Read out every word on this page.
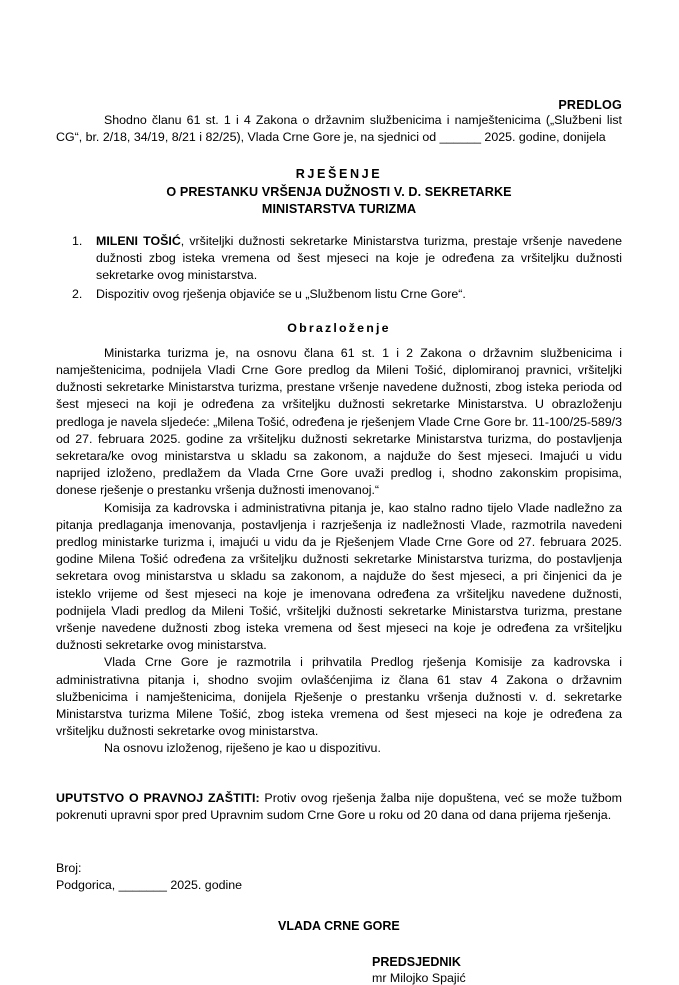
PREDLOG

Shodno članu 61 st. 1 i 4 Zakona o državnim službenicima i namještenicima („Službeni list CG“, br. 2/18, 34/19, 8/21 i 82/25), Vlada Crne Gore je, na sjednici od ______ 2025. godine, donijela

RJEŠENJE
O PRESTANKU VRŠENJA DUŽNOSTI V. D. SEKRETARKE
MINISTARSTVA TURIZMA
MILENI TOŠIĆ, vršiteljki dužnosti sekretarke Ministarstva turizma, prestaje vršenje navedene dužnosti zbog isteka vremena od šest mjeseci na koje je određena za vršiteljku dužnosti sekretarke ovog ministarstva.
Dispozitiv ovog rješenja objaviće se u „Službenom listu Crne Gore“.
Obrazloženje

Ministarka turizma je, na osnovu člana 61 st. 1 i 2 Zakona o državnim službenicima i namještenicima, podnijela Vladi Crne Gore predlog da Mileni Tošić, diplomiranoj pravnici, vršiteljki dužnosti sekretarke Ministarstva turizma, prestane vršenje navedene dužnosti, zbog isteka perioda od šest mjeseci na koji je određena za vršiteljku dužnosti sekretarke Ministarstva. U obrazloženju predloga je navela sljedeće: „Milena Tošić, određena je rješenjem Vlade Crne Gore br. 11-100/25-589/3 od 27. februara 2025. godine za vršiteljku dužnosti sekretarke Ministarstva turizma, do postavljenja sekretara/ke ovog ministarstva u skladu sa zakonom, a najduže do šest mjeseci. Imajući u vidu naprijed izloženo, predlažem da Vlada Crne Gore uvaži predlog i, shodno zakonskim propisima, donese rješenje o prestanku vršenja dužnosti imenovanoj.“

Komisija za kadrovska i administrativna pitanja je, kao stalno radno tijelo Vlade nadležno za pitanja predlaganja imenovanja, postavljenja i razrješenja iz nadležnosti Vlade, razmotrila navedeni predlog ministarke turizma i, imajući u vidu da je Rješenjem Vlade Crne Gore od 27. februara 2025. godine Milena Tošić određena za vršiteljku dužnosti sekretarke Ministarstva turizma, do postavljenja sekretara ovog ministarstva u skladu sa zakonom, a najduže do šest mjeseci, a pri činjenici da je isteklo vrijeme od šest mjeseci na koje je imenovana određena za vršiteljku navedene dužnosti, podnijela Vladi predlog da Mileni Tošić, vršiteljki dužnosti sekretarke Ministarstva turizma, prestane vršenje navedene dužnosti zbog isteka vremena od šest mjeseci na koje je određena za vršiteljku dužnosti sekretarke ovog ministarstva.

Vlada Crne Gore je razmotrila i prihvatila Predlog rješenja Komisije za kadrovska i administrativna pitanja i, shodno svojim ovlašćenjima iz člana 61 stav 4 Zakona o državnim službenicima i namještenicima, donijela Rješenje o prestanku vršenja dužnosti v. d. sekretarke Ministarstva turizma Milene Tošić, zbog isteka vremena od šest mjeseci na koje je određena za vršiteljku dužnosti sekretarke ovog ministarstva.

Na osnovu izloženog, riješeno je kao u dispozitivu.

UPUTSTVO O PRAVNOJ ZAŠTITI: Protiv ovog rješenja žalba nije dopuštena, već se može tužbom pokrenuti upravni spor pred Upravnim sudom Crne Gore u roku od 20 dana od dana prijema rješenja.

Broj:
Podgorica, _______ 2025. godine
VLADA CRNE GORE
PREDSJEDNIK
mr Milojko Spajić
